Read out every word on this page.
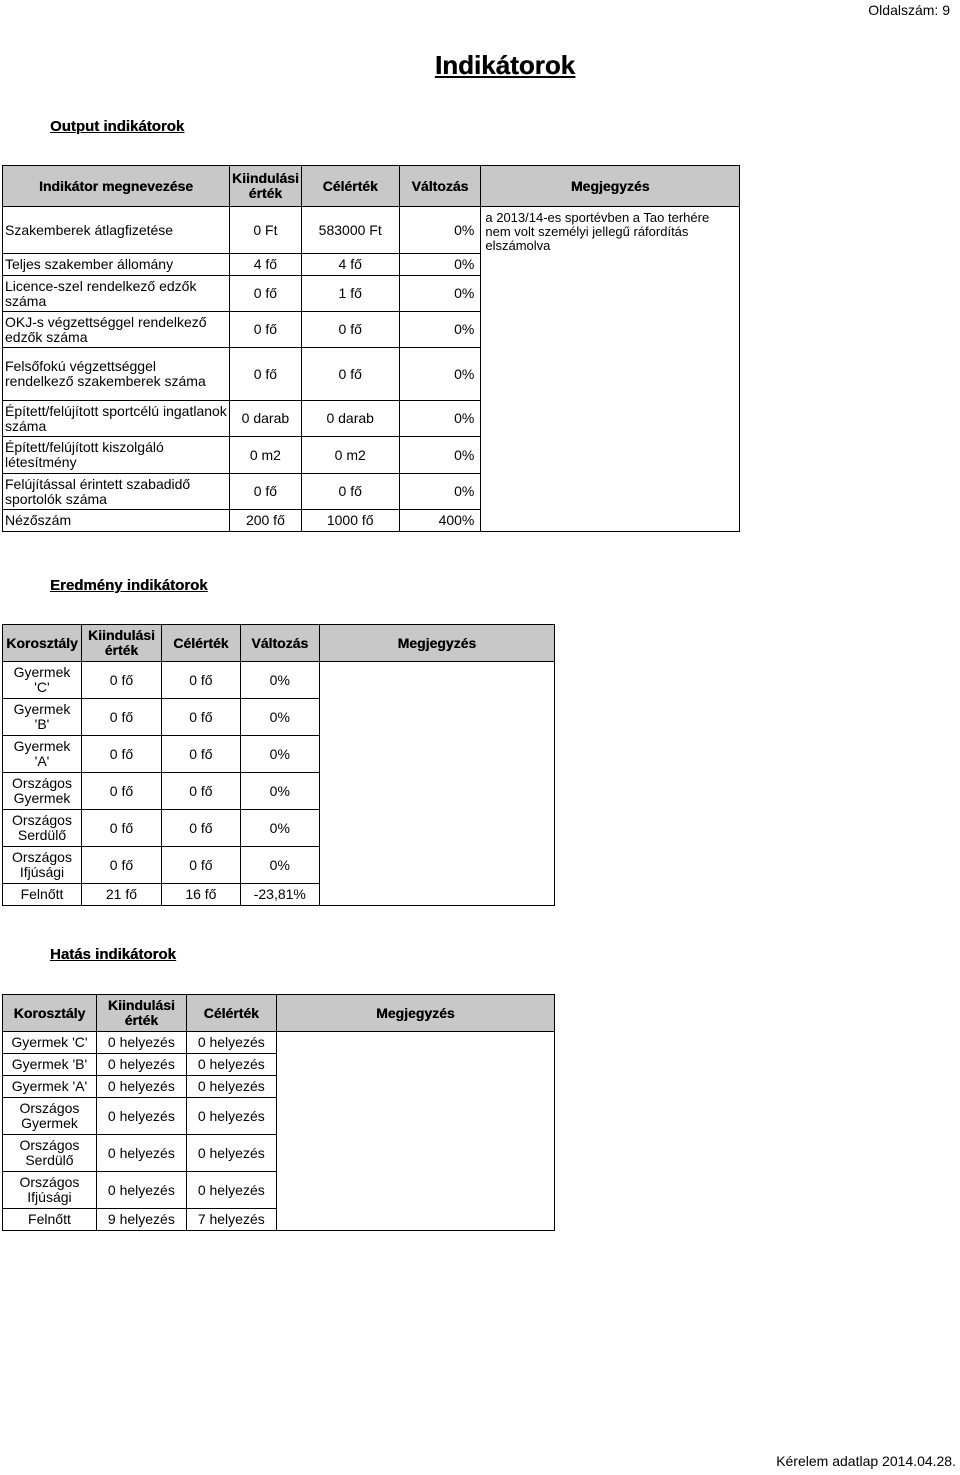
Oldalszám: 9
Indikátorok
Output indikátorok
Indikátor megnevezése	Kiindulási érték	Célérték	Változás	Megjegyzés
Szakemberek átlagfizetése	0 Ft	583000 Ft	0%	a 2013/14-es sportévben a Tao terhére nem volt személyi jellegű ráfordítás elszámolva
Teljes szakember állomány	4 fő	4 fő	0%	
Licence-szel rendelkező edzők száma	0 fő	1 fő	0%	
OKJ-s végzettséggel rendelkező edzők száma	0 fő	0 fő	0%	
Felsőfokú végzettséggel rendelkező szakemberek száma	0 fő	0 fő	0%	
Épített/felújított sportcélú ingatlanok száma	0 darab	0 darab	0%	
Épített/felújított kiszolgáló létesítmény	0 m2	0 m2	0%	
Felújítással érintett szabadidő sportolók száma	0 fő	0 fő	0%	
Nézőszám	200 fő	1000 fő	400%	
Eredmény indikátorok
Korosztály	Kiindulási érték	Célérték	Változás	Megjegyzés
Gyermek 'C'	0 fő	0 fő	0%	
Gyermek 'B'	0 fő	0 fő	0%	
Gyermek 'A'	0 fő	0 fő	0%	
Országos Gyermek	0 fő	0 fő	0%	
Országos Serdülő	0 fő	0 fő	0%	
Országos Ifjúsági	0 fő	0 fő	0%	
Felnőtt	21 fő	16 fő	-23,81%	
Hatás indikátorok
Korosztály	Kiindulási érték	Célérték	Megjegyzés
Gyermek 'C'	0 helyezés	0 helyezés	
Gyermek 'B'	0 helyezés	0 helyezés	
Gyermek 'A'	0 helyezés	0 helyezés	
Országos Gyermek	0 helyezés	0 helyezés	
Országos Serdülő	0 helyezés	0 helyezés	
Országos Ifjúsági	0 helyezés	0 helyezés	
Felnőtt	9 helyezés	7 helyezés	
Kérelem adatlap 2014.04.28.
